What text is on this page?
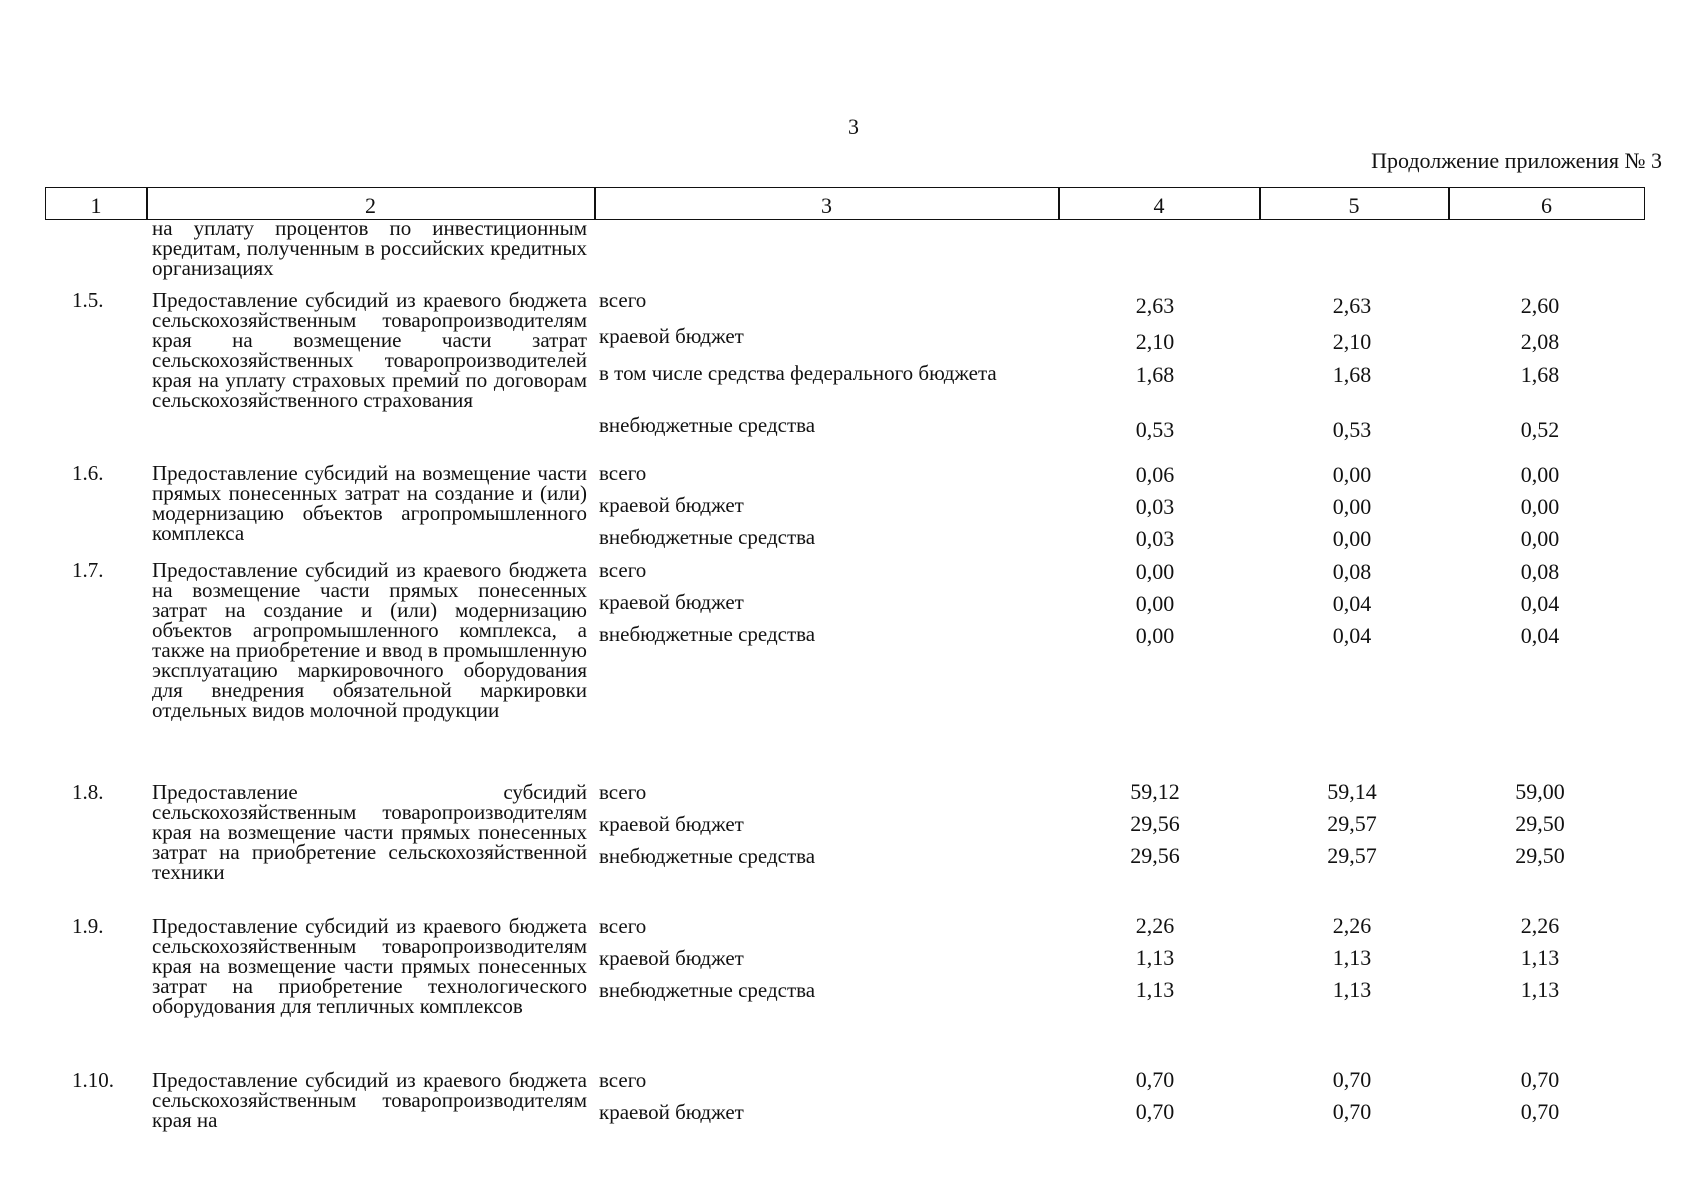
3
Продолжение приложения № 3
1	2	3	4	5	6
на уплату процентов по инвестиционным кредитам, полученным в российских кредитных организациях
1.5.	Предоставление субсидий из краевого бюджета сельскохозяйственным товаропроизводителям края на возмещение части затрат сельскохозяйственных товаропроизводителей края на уплату страховых премий по договорам сельскохозяйственного страхования
всего	2,63	2,63	2,60
краевой бюджет	2,10	2,10	2,08
в том числе средства федерального бюджета	1,68	1,68	1,68
внебюджетные средства	0,53	0,53	0,52
1.6.	Предоставление субсидий на возмещение части прямых понесенных затрат на создание и (или) модернизацию объектов агропромышленного комплекса
всего	0,06	0,00	0,00
краевой бюджет	0,03	0,00	0,00
внебюджетные средства	0,03	0,00	0,00
1.7.	Предоставление субсидий из краевого бюджета на возмещение части прямых понесенных затрат на создание и (или) модернизацию объектов агропромышленного комплекса, а также на приобретение и ввод в промышленную эксплуатацию маркировочного оборудования для внедрения обязательной маркировки отдельных видов молочной продукции
всего	0,00	0,08	0,08
краевой бюджет	0,00	0,04	0,04
внебюджетные средства	0,00	0,04	0,04
1.8.	Предоставление субсидий сельскохозяйственным товаропроизводителям края на возмещение части прямых понесенных затрат на приобретение сельскохозяйственной техники
всего	59,12	59,14	59,00
краевой бюджет	29,56	29,57	29,50
внебюджетные средства	29,56	29,57	29,50
1.9.	Предоставление субсидий из краевого бюджета сельскохозяйственным товаропроизводителям края на возмещение части прямых понесенных затрат на приобретение технологического оборудования для тепличных комплексов
всего	2,26	2,26	2,26
краевой бюджет	1,13	1,13	1,13
внебюджетные средства	1,13	1,13	1,13
1.10.	Предоставление субсидий из краевого бюджета сельскохозяйственным товаропроизводителям края на
всего	0,70	0,70	0,70
краевой бюджет	0,70	0,70	0,70
